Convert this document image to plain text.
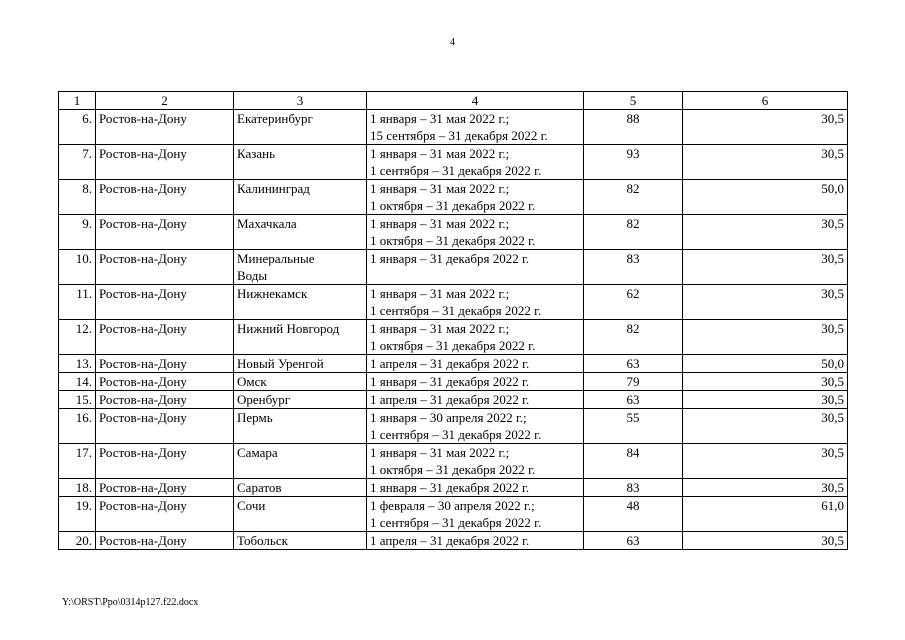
4
1	2	3	4	5	6
6.	Ростов-на-Дону	Екатеринбург	1 января – 31 мая 2022 г.;
15 сентября – 31 декабря 2022 г.	88	30,5
7.	Ростов-на-Дону	Казань	1 января – 31 мая 2022 г.;
1 сентября – 31 декабря 2022 г.	93	30,5
8.	Ростов-на-Дону	Калининград	1 января – 31 мая 2022 г.;
1 октября – 31 декабря 2022 г.	82	50,0
9.	Ростов-на-Дону	Махачкала	1 января – 31 мая 2022 г.;
1 октября – 31 декабря 2022 г.	82	30,5
10.	Ростов-на-Дону	Минеральные
Воды	1 января – 31 декабря 2022 г.	83	30,5
11.	Ростов-на-Дону	Нижнекамск	1 января – 31 мая 2022 г.;
1 сентября – 31 декабря 2022 г.	62	30,5
12.	Ростов-на-Дону	Нижний Новгород	1 января – 31 мая 2022 г.;
1 октября – 31 декабря 2022 г.	82	30,5
13.	Ростов-на-Дону	Новый Уренгой	1 апреля – 31 декабря 2022 г.	63	50,0
14.	Ростов-на-Дону	Омск	1 января – 31 декабря 2022 г.	79	30,5
15.	Ростов-на-Дону	Оренбург	1 апреля – 31 декабря 2022 г.	63	30,5
16.	Ростов-на-Дону	Пермь	1 января – 30 апреля 2022 г.;
1 сентября – 31 декабря 2022 г.	55	30,5
17.	Ростов-на-Дону	Самара	1 января – 31 мая 2022 г.;
1 октября – 31 декабря 2022 г.	84	30,5
18.	Ростов-на-Дону	Саратов	1 января – 31 декабря 2022 г.	83	30,5
19.	Ростов-на-Дону	Сочи	1 февраля – 30 апреля 2022 г.;
1 сентября – 31 декабря 2022 г.	48	61,0
20.	Ростов-на-Дону	Тобольск	1 апреля – 31 декабря 2022 г.	63	30,5
Y:\ORST\Ppo\0314p127.f22.docx
